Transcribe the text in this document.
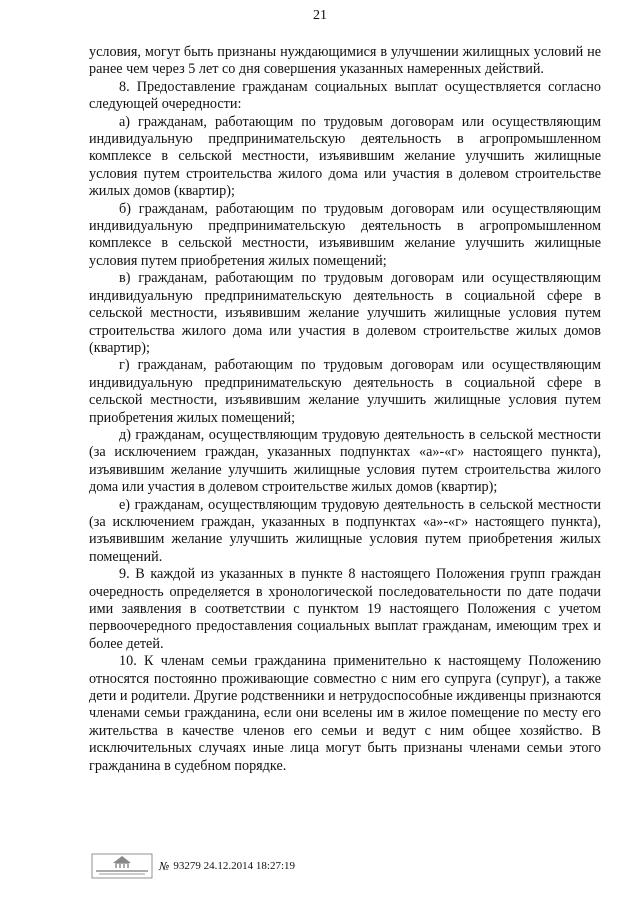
21

условия, могут быть признаны нуждающимися в улучшении жилищных условий не ранее чем через 5 лет со дня совершения указанных намеренных действий.

8. Предоставление гражданам социальных выплат осуществляется согласно следующей очередности:

а) гражданам, работающим по трудовым договорам или осуществляющим индивидуальную предпринимательскую деятельность в агропромышленном комплексе в сельской местности, изъявившим желание улучшить жилищные условия путем строительства жилого дома или участия в долевом строительстве жилых домов (квартир);

б) гражданам, работающим по трудовым договорам или осуществляющим индивидуальную предпринимательскую деятельность в агропромышленном комплексе в сельской местности, изъявившим желание улучшить жилищные условия путем приобретения жилых помещений;

в) гражданам, работающим по трудовым договорам или осуществляющим индивидуальную предпринимательскую деятельность в социальной сфере в сельской местности, изъявившим желание улучшить жилищные условия путем строительства жилого дома или участия в долевом строительстве жилых домов (квартир);

г) гражданам, работающим по трудовым договорам или осуществляющим индивидуальную предпринимательскую деятельность в социальной сфере в сельской местности, изъявившим желание улучшить жилищные условия путем приобретения жилых помещений;

д) гражданам, осуществляющим трудовую деятельность в сельской местности (за исключением граждан, указанных подпунктах «а»-«г» настоящего пункта), изъявившим желание улучшить жилищные условия путем строительства жилого дома или участия в долевом строительстве жилых домов (квартир);

е) гражданам, осуществляющим трудовую деятельность в сельской местности (за исключением граждан, указанных в подпунктах «а»-«г» настоящего пункта), изъявившим желание улучшить жилищные условия путем приобретения жилых помещений.

9. В каждой из указанных в пункте 8 настоящего Положения групп граждан очередность определяется в хронологической последовательности по дате подачи ими заявления в соответствии с пунктом 19 настоящего Положения с учетом первоочередного предоставления социальных выплат гражданам, имеющим трех и более детей.

10. К членам семьи гражданина применительно к настоящему Положению относятся постоянно проживающие совместно с ним его супруга (супруг), а также дети и родители. Другие родственники и нетрудоспособные иждивенцы признаются членами семьи гражданина, если они вселены им в жилое помещение по месту его жительства в качестве членов его семьи и ведут с ним общее хозяйство. В исключительных случаях иные лица могут быть признаны членами семьи этого гражданина в судебном порядке.

№ 93279 24.12.2014 18:27:19
